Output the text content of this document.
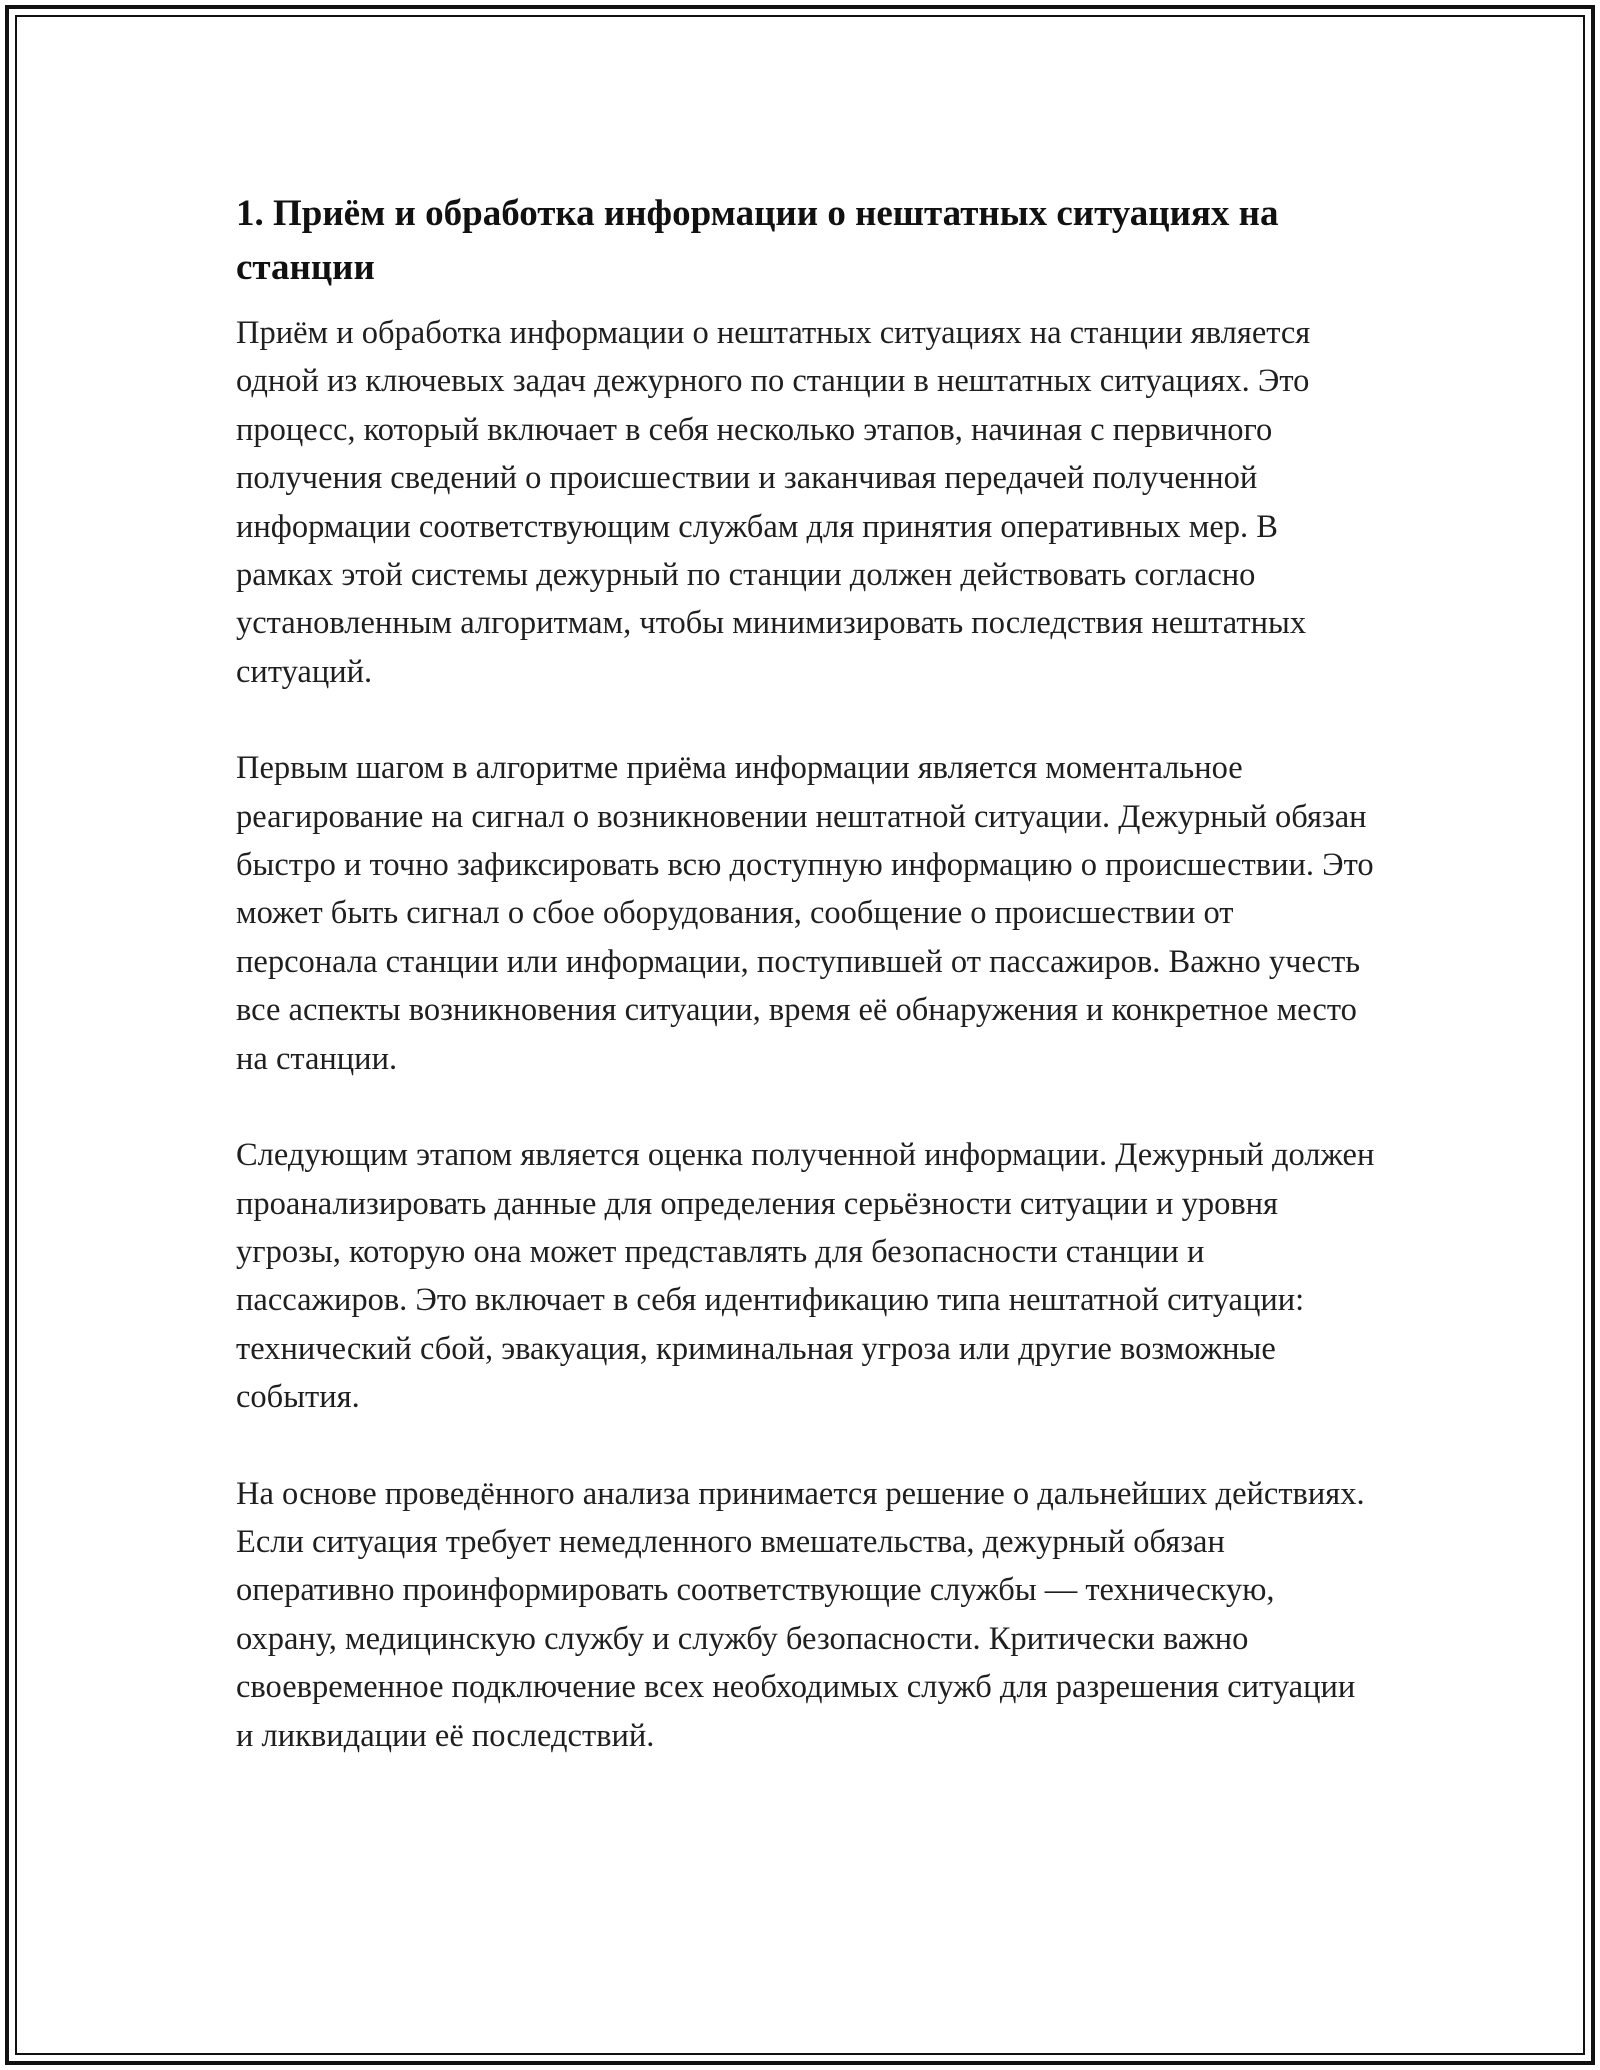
1. Приём и обработка информации о нештатных ситуациях на станции

Приём и обработка информации о нештатных ситуациях на станции является одной из ключевых задач дежурного по станции в нештатных ситуациях. Это процесс, который включает в себя несколько этапов, начиная с первичного получения сведений о происшествии и заканчивая передачей полученной информации соответствующим службам для принятия оперативных мер. В рамках этой системы дежурный по станции должен действовать согласно установленным алгоритмам, чтобы минимизировать последствия нештатных ситуаций.

Первым шагом в алгоритме приёма информации является моментальное реагирование на сигнал о возникновении нештатной ситуации. Дежурный обязан быстро и точно зафиксировать всю доступную информацию о происшествии. Это может быть сигнал о сбое оборудования, сообщение о происшествии от персонала станции или информации, поступившей от пассажиров. Важно учесть все аспекты возникновения ситуации, время её обнаружения и конкретное место на станции.

Следующим этапом является оценка полученной информации. Дежурный должен проанализировать данные для определения серьёзности ситуации и уровня угрозы, которую она может представлять для безопасности станции и пассажиров. Это включает в себя идентификацию типа нештатной ситуации: технический сбой, эвакуация, криминальная угроза или другие возможные события.

На основе проведённого анализа принимается решение о дальнейших действиях. Если ситуация требует немедленного вмешательства, дежурный обязан оперативно проинформировать соответствующие службы — техническую, охрану, медицинскую службу и службу безопасности. Критически важно своевременное подключение всех необходимых служб для разрешения ситуации и ликвидации её последствий.
